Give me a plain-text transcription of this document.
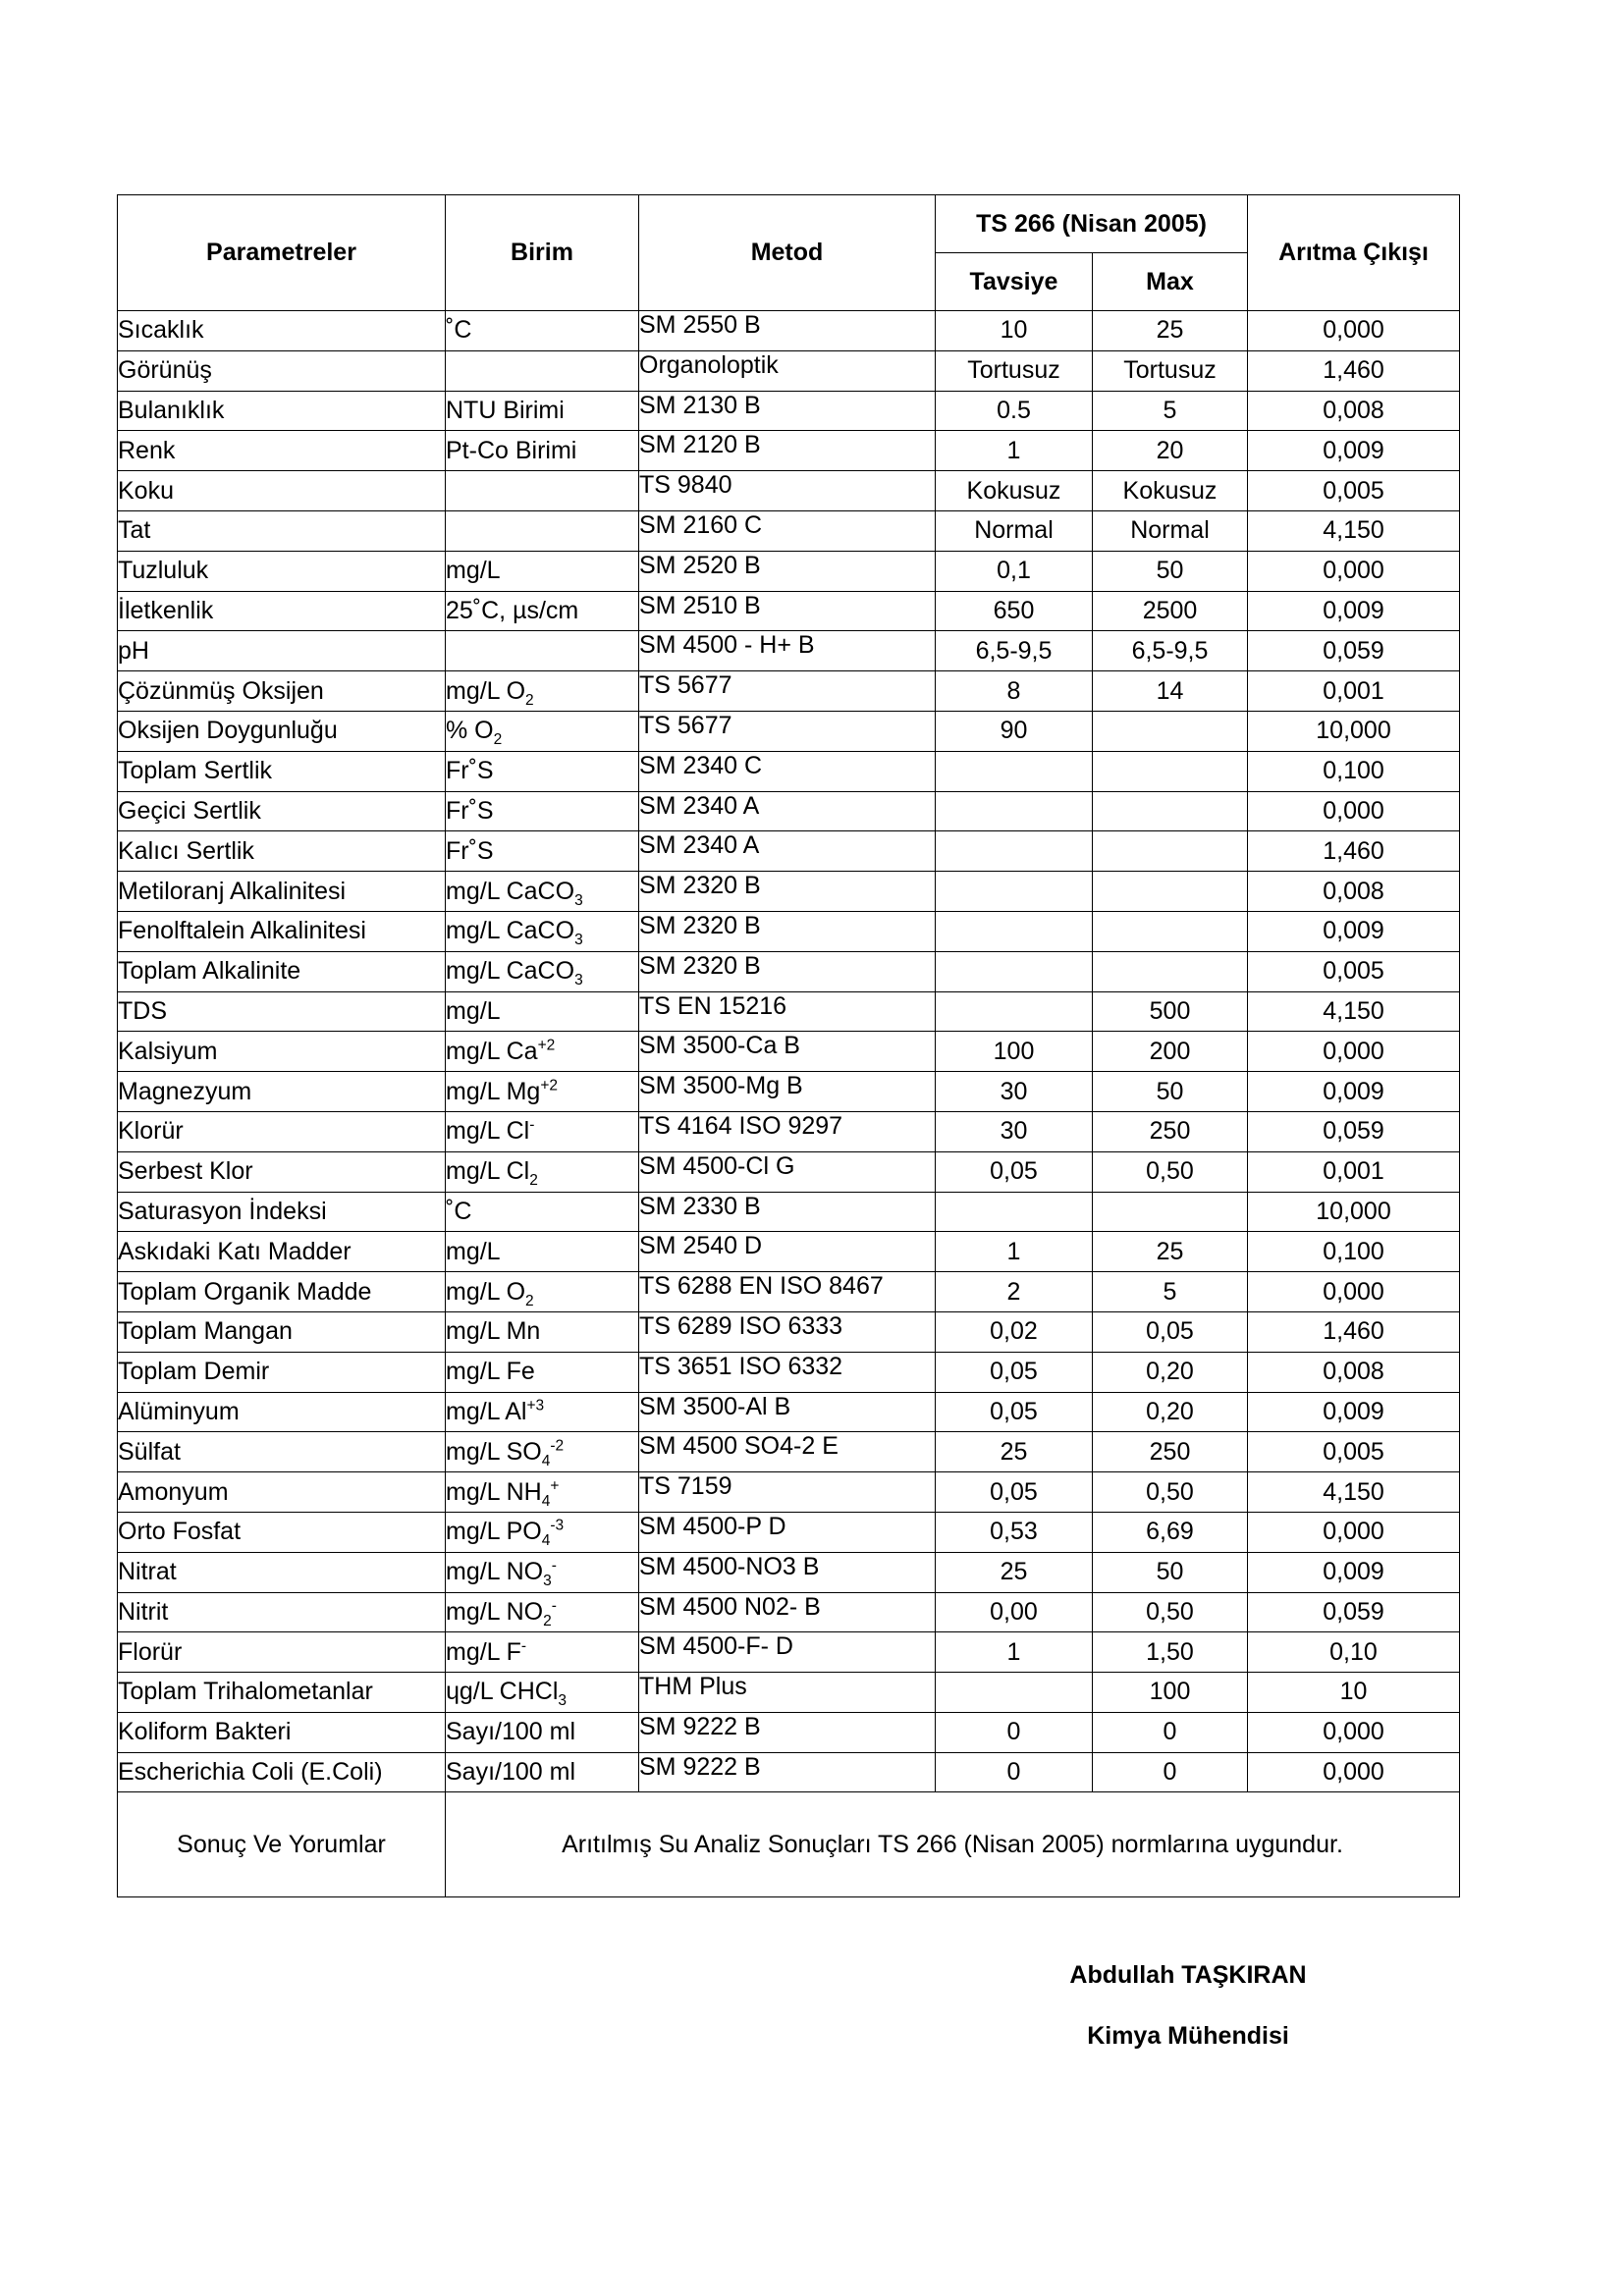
Parametreler	Birim	Metod	TS 266 (Nisan 2005)		Arıtma Çıkışı
			Tavsiye	Max	
Sıcaklık	˚C	SM 2550 B	10	25	0,000
Görünüş		Organoloptik	Tortusuz	Tortusuz	1,460
Bulanıklık	NTU Birimi	SM 2130 B	0.5	5	0,008
Renk	Pt-Co Birimi	SM 2120 B	1	20	0,009
Koku		TS 9840	Kokusuz	Kokusuz	0,005
Tat		SM 2160 C	Normal	Normal	4,150
Tuzluluk	mg/L	SM 2520 B	0,1	50	0,000
İletkenlik	25˚C, µs/cm	SM 2510 B	650	2500	0,009
pH		SM 4500 - H+ B	6,5-9,5	6,5-9,5	0,059
Çözünmüş Oksijen	mg/L $O_2$	TS 5677	8	14	0,001
Oksijen Doygunluğu	% $O_2$	TS 5677	90		10,000
Toplam Sertlik	Fr˚S	SM 2340 C			0,100
Geçici Sertlik	Fr˚S	SM 2340 A			0,000
Kalıcı Sertlik	Fr˚S	SM 2340 A			1,460
Metiloranj Alkalinitesi	mg/L CaCO$_3$	SM 2320 B			0,008
Fenolftalein Alkalinitesi	mg/L CaCO$_3$	SM 2320 B			0,009
Toplam Alkalinite	mg/L CaCO$_3$	SM 2320 B			0,005
TDS	mg/L	TS EN 15216		500	4,150
Kalsiyum	mg/L $Ca^{+2}$	SM 3500-Ca B	100	200	0,000
Magnezyum	mg/L $Mg^{+2}$	SM 3500-Mg B	30	50	0,009
Klorür	mg/L Cl-	TS 4164 ISO 9297	30	250	0,059
Serbest Klor	mg/L $Cl_2$	SM 4500-Cl G	0,05	0,50	0,001
Saturasyon İndeksi	˚C	SM 2330 B			10,000
Askıdaki Katı Madder	mg/L	SM 2540 D	1	25	0,100
Toplam Organik Madde	mg/L $O_2$	TS 6288 EN ISO 8467	2	5	0,000
Toplam Mangan	mg/L Mn	TS 6289 ISO 6333	0,02	0,05	1,460
Toplam Demir	mg/L Fe	TS 3651 ISO 6332	0,05	0,20	0,008
Alüminyum	mg/L $Al^{+3}$	SM 3500-Al B	0,05	0,20	0,009
Sülfat	mg/L $SO_4^{-2}$	SM 4500 SO4-2 E	25	250	0,005
Amonyum	mg/L $NH_4^+$	TS 7159	0,05	0,50	4,150
Orto Fosfat	mg/L $PO_4^{-3}$	SM 4500-P D	0,53	6,69	0,000
Nitrat	mg/L $NO_3^-$	SM 4500-NO3 B	25	50	0,009
Nitrit	mg/L $NO_2^-$	SM 4500 N02- B	0,00	0,50	0,059
Florür	mg/L F-	SM 4500-F- D	1	1,50	0,10
Toplam Trihalometanlar	ɥg/L CHCl$_3$	THM Plus		100	10
Koliform Bakteri	Sayı/100 ml	SM 9222 B	0	0	0,000
Escherichia Coli (E.Coli)	Sayı/100 ml	SM 9222 B	0	0	0,000
Sonuç Ve Yorumlar	Arıtılmış Su Analiz Sonuçları TS 266 (Nisan 2005) normlarına uygundur.				
Abdullah TAŞKIRAN
Kimya Mühendisi
